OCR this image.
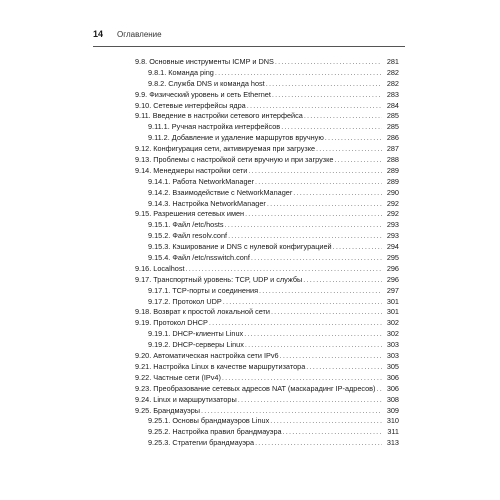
14 Оглавление
9.8. Основные инструменты ICMP и DNS .....	281
9.8.1. Команда ping .....	282
9.8.2. Служба DNS и команда host .....	282
9.9. Физический уровень и сеть Ethernet .....	283
9.10. Сетевые интерфейсы ядра .....	284
9.11. Введение в настройки сетевого интерфейса .....	285
9.11.1. Ручная настройка интерфейсов .....	285
9.11.2. Добавление и удаление маршрутов вручную .....	286
9.12. Конфигурация сети, активируемая при загрузке .....	287
9.13. Проблемы с настройкой сети вручную и при загрузке .....	288
9.14. Менеджеры настройки сети .....	289
9.14.1. Работа NetworkManager .....	289
9.14.2. Взаимодействие с NetworkManager .....	290
9.14.3. Настройка NetworkManager .....	292
9.15. Разрешения сетевых имен .....	292
9.15.1. Файл /etc/hosts .....	293
9.15.2. Файл resolv.conf .....	293
9.15.3. Кэширование и DNS с нулевой конфигурацией .....	294
9.15.4. Файл /etc/nsswitch.conf .....	295
9.16. Localhost .....	296
9.17. Транспортный уровень: TCP, UDP и службы .....	296
9.17.1. TCP-порты и соединения .....	297
9.17.2. Протокол UDP .....	301
9.18. Возврат к простой локальной сети .....	301
9.19. Протокол DHCP .....	302
9.19.1. DHCP-клиенты Linux .....	302
9.19.2. DHCP-серверы Linux .....	303
9.20. Автоматическая настройка сети IPv6 .....	303
9.21. Настройка Linux в качестве маршрутизатора .....	305
9.22. Частные сети (IPv4) .....	306
9.23. Преобразование сетевых адресов NAT (маскарадинг IP-адресов) .....	306
9.24. Linux и маршрутизаторы .....	308
9.25. Брандмауэры .....	309
9.25.1. Основы брандмауэров Linux .....	310
9.25.2. Настройка правил брандмауэра .....	311
9.25.3. Стратегии брандмауэра .....	313
